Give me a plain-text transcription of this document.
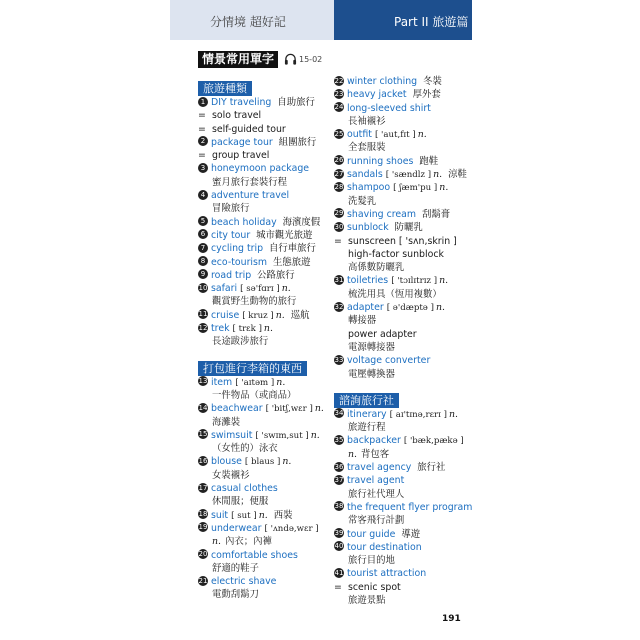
分情境 超好記	Part II 旅遊篇
情景常用單字	15-02
旅遊種類
1 DIY traveling 自助旅行
= solo travel
= self-guided tour
2 package tour 組團旅行
= group travel
3 honeymoon package
蜜月旅行套裝行程
4 adventure travel
冒險旅行
5 beach holiday 海濱度假
6 city tour 城市觀光旅遊
7 cycling trip 自行車旅行
8 eco-tourism 生態旅遊
9 road trip 公路旅行
10 safari [ sə'fɑrɪ ] n.
觀賞野生動物的旅行
11 cruise [ kruz ] n. 巡航
12 trek [ trɛk ] n.
長途跋涉旅行
打包進行李箱的東西
13 item [ 'aɪtəm ] n.
一件物品（或商品）
14 beachwear [ 'bitʃ,wɛr ] n.
海灘裝
15 swimsuit [ 'swɪm,sut ] n.
（女性的）泳衣
16 blouse [ blaus ] n.
女裝襯衫
17 casual clothes
休閒服；便服
18 suit [ sut ] n. 西裝
19 underwear [ 'ʌndə,wɛr ]
n. 內衣；內褲
20 comfortable shoes
舒適的鞋子
21 electric shave
電動刮鬍刀
22 winter clothing 冬裝
23 heavy jacket 厚外套
24 long-sleeved shirt
長袖襯衫
25 outfit [ 'aut,fɪt ] n.
全套服裝
26 running shoes 跑鞋
27 sandals [ 'sændlz ] n. 涼鞋
28 shampoo [ ʃæm'pu ] n.
洗髮乳
29 shaving cream 刮鬍膏
30 sunblock 防曬乳
= sunscreen [ 'sʌn,skrin ]
high-factor sunblock
高係數防曬乳
31 toiletries [ 'tɔɪlɪtrɪz ] n.
梳洗用具（恆用複數）
32 adapter [ ə'dæptə ] n.
轉接器
power adapter
電源轉接器
33 voltage converter
電壓轉換器
諮詢旅行社
34 itinerary [ aɪ'tɪnə,rɛrɪ ] n.
旅遊行程
35 backpacker [ 'bæk,pækə ]
n. 背包客
36 travel agency 旅行社
37 travel agent
旅行社代理人
38 the frequent flyer program
常客飛行計劃
39 tour guide 導遊
40 tour destination
旅行目的地
41 tourist attraction
= scenic spot
旅遊景點
191
